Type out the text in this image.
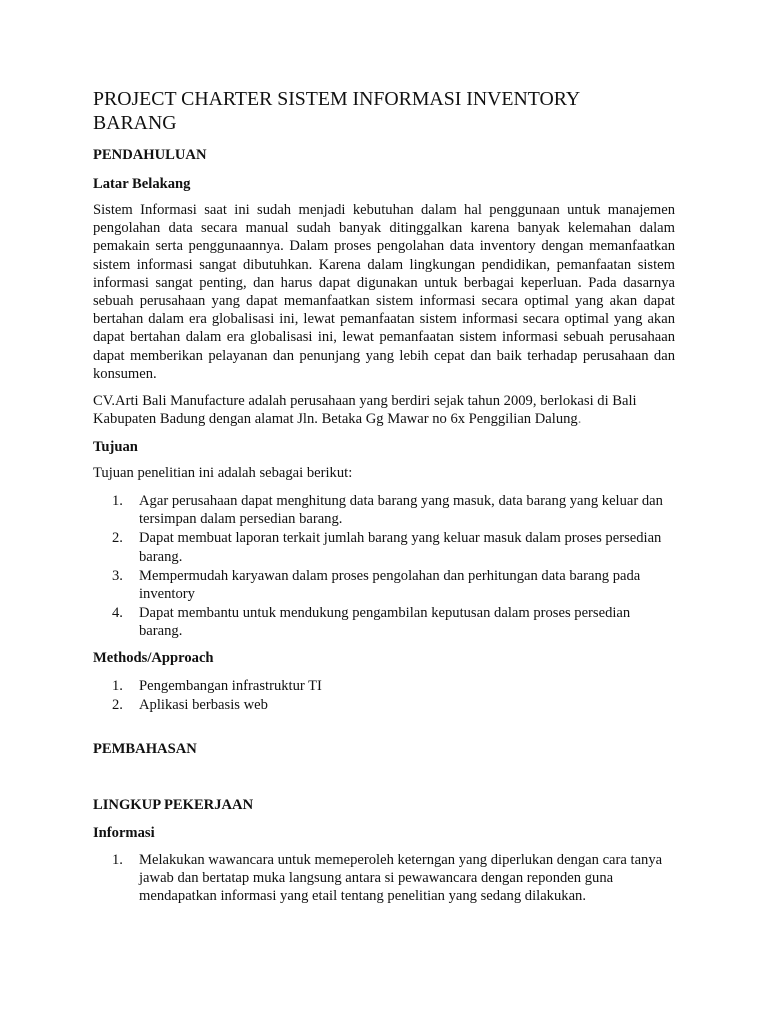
PROJECT CHARTER SISTEM INFORMASI INVENTORY BARANG

PENDAHULUAN

Latar Belakang

Sistem Informasi saat ini sudah menjadi kebutuhan dalam hal penggunaan untuk manajemen pengolahan data secara manual sudah banyak ditinggalkan karena banyak kelemahan dalam pemakain serta penggunaannya. Dalam proses pengolahan data inventory dengan memanfaatkan sistem informasi sangat dibutuhkan. Karena dalam lingkungan pendidikan, pemanfaatan sistem informasi sangat penting, dan harus dapat digunakan untuk berbagai keperluan. Pada dasarnya sebuah perusahaan yang dapat memanfaatkan sistem informasi secara optimal yang akan dapat bertahan dalam era globalisasi ini, lewat pemanfaatan sistem informasi secara optimal yang akan dapat bertahan dalam era globalisasi ini, lewat pemanfaatan sistem informasi sebuah perusahaan dapat memberikan pelayanan dan penunjang yang lebih cepat dan baik terhadap perusahaan dan konsumen.

CV.Arti Bali Manufacture adalah perusahaan yang berdiri sejak tahun 2009, berlokasi di Bali Kabupaten Badung dengan alamat Jln. Betaka Gg Mawar no 6x Penggilian Dalung.

Tujuan

Tujuan penelitian ini adalah sebagai berikut:

1. Agar perusahaan dapat menghitung data barang yang masuk, data barang yang keluar dan tersimpan dalam persedian barang.
2. Dapat membuat laporan terkait jumlah barang yang keluar masuk dalam proses persedian barang.
3. Mempermudah karyawan dalam proses pengolahan dan perhitungan data barang pada inventory
4. Dapat membantu untuk mendukung pengambilan keputusan dalam proses persedian barang.

Methods/Approach

1. Pengembangan infrastruktur TI
2. Aplikasi berbasis web

PEMBAHASAN

LINGKUP PEKERJAAN

Informasi

1. Melakukan wawancara untuk memeperoleh keterngan yang diperlukan dengan cara tanya jawab dan bertatap muka langsung antara si pewawancara dengan reponden guna mendapatkan informasi yang etail tentang penelitian yang sedang dilakukan.
